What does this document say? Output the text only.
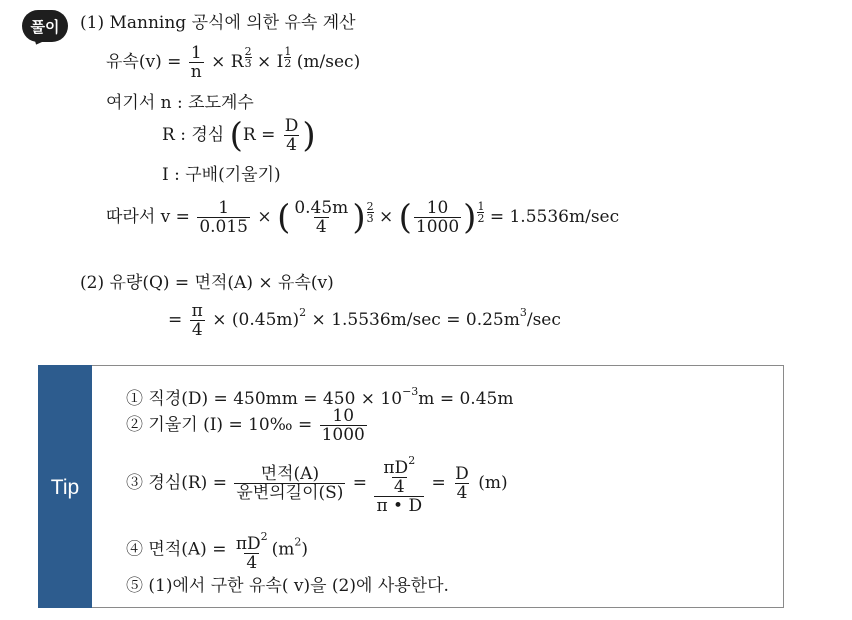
풀이 (1) Manning 공식에 의한 유속 계산
유속$(v) = \frac{1}{n} \times R \frac{2}{3} \times I \frac{1}{2} (m/\sec)$
여기서 n : 조도계수
R : 경심 ($R = \frac{D}{4}$ )
I : 구배(기울기)
따라서 $v = \frac{1}{0.015}$ × ( $\frac{0.45m}{4}$ ) $\frac{2}{3}$ × ( $\frac{10}{1000}$ ) $\frac{1}{2} = 1.5536m/\sec$
(2) 유량(Q) = 면적(A) × 유속(v)
= $\frac{\pi}{4} \times (0.45m)^2 \times 1.5536m/\sec = 0.25m^3/\sec$
Tip
① 직경$(D) = 450mm = 450 \times 10^{-3}m = 0.45m$
② 기울기 (I) = 10‰ = $\frac{10}{1000}$
③ 경심$(R) = \frac{\text{면적(A)}}{\text{윤변의길이(S)}} = \frac{\frac{\pi D^2}{4}}{\pi • D} = \frac{D}{4} (m)$
④ 면적$(A) = \frac{\pi D^2}{4} (m^2)$
⑤ (1)에서 구한 유속( v)을 (2)에 사용한다.
